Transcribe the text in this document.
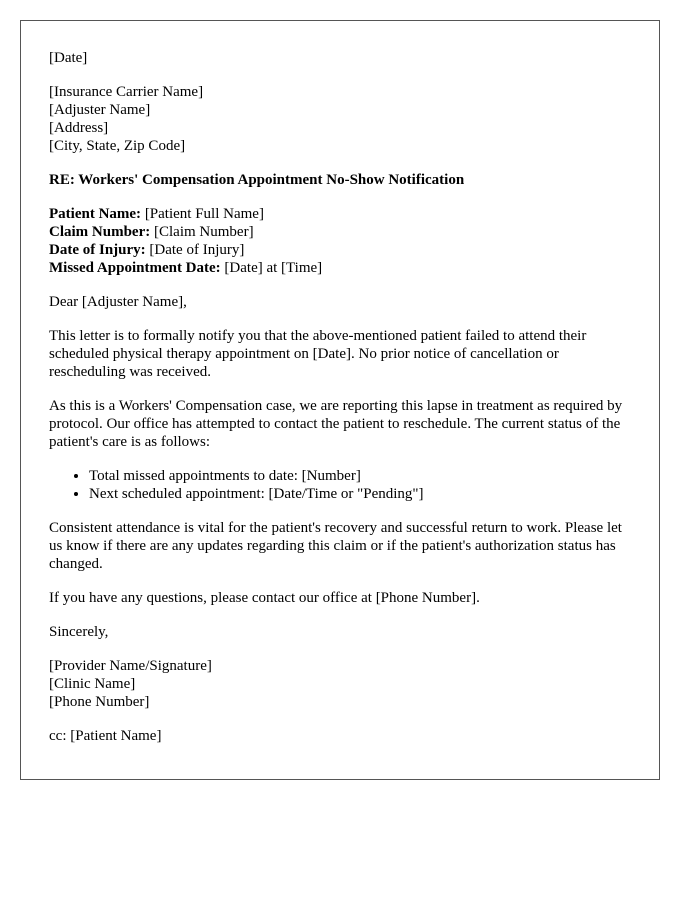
[Date]
[Insurance Carrier Name]
[Adjuster Name]
[Address]
[City, State, Zip Code]
RE: Workers' Compensation Appointment No-Show Notification
Patient Name: [Patient Full Name]
Claim Number: [Claim Number]
Date of Injury: [Date of Injury]
Missed Appointment Date: [Date] at [Time]
Dear [Adjuster Name],
This letter is to formally notify you that the above-mentioned patient failed to attend their scheduled physical therapy appointment on [Date]. No prior notice of cancellation or rescheduling was received.
As this is a Workers' Compensation case, we are reporting this lapse in treatment as required by protocol. Our office has attempted to contact the patient to reschedule. The current status of the patient's care is as follows:
• Total missed appointments to date: [Number]
• Next scheduled appointment: [Date/Time or "Pending"]
Consistent attendance is vital for the patient's recovery and successful return to work. Please let us know if there are any updates regarding this claim or if the patient's authorization status has changed.
If you have any questions, please contact our office at [Phone Number].
Sincerely,
[Provider Name/Signature]
[Clinic Name]
[Phone Number]
cc: [Patient Name]
